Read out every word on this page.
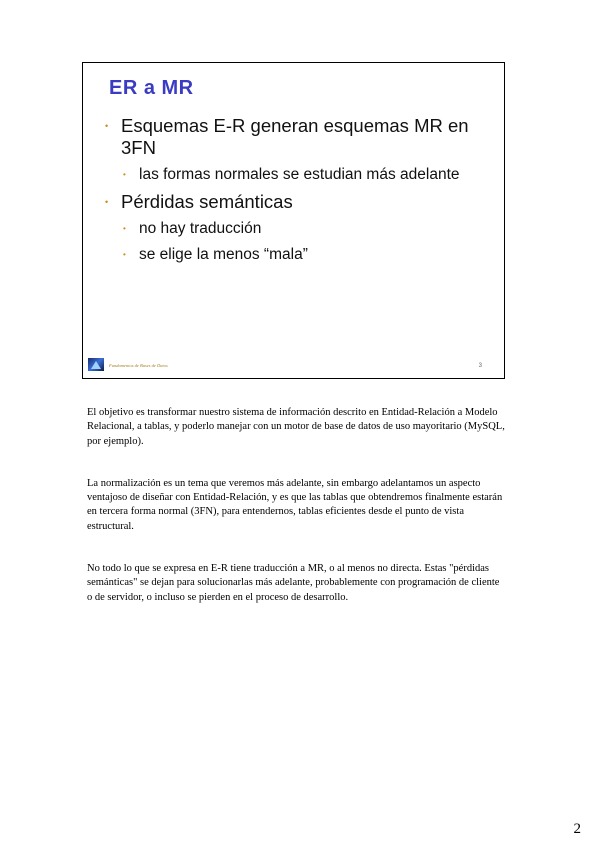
ER a MR
• Esquemas E-R generan esquemas MR en 3FN
• las formas normales se estudian más adelante
• Pérdidas semánticas
• no hay traducción
• se elige la menos “mala”
Fundamentos de Bases de Datos	3

El objetivo es transformar nuestro sistema de información descrito en Entidad-Relación a Modelo Relacional, a tablas, y poderlo manejar con un motor de base de datos de uso mayoritario (MySQL, por ejemplo).

La normalización es un tema que veremos más adelante, sin embargo adelantamos un aspecto ventajoso de diseñar con Entidad-Relación, y es que las tablas que obtendremos finalmente estarán en tercera forma normal (3FN), para entendernos, tablas eficientes desde el punto de vista estructural.

No todo lo que se expresa en E-R tiene traducción a MR, o al menos no directa. Estas "pérdidas semánticas" se dejan para solucionarlas más adelante, probablemente con programación de cliente o de servidor, o incluso se pierden en el proceso de desarrollo.

2
